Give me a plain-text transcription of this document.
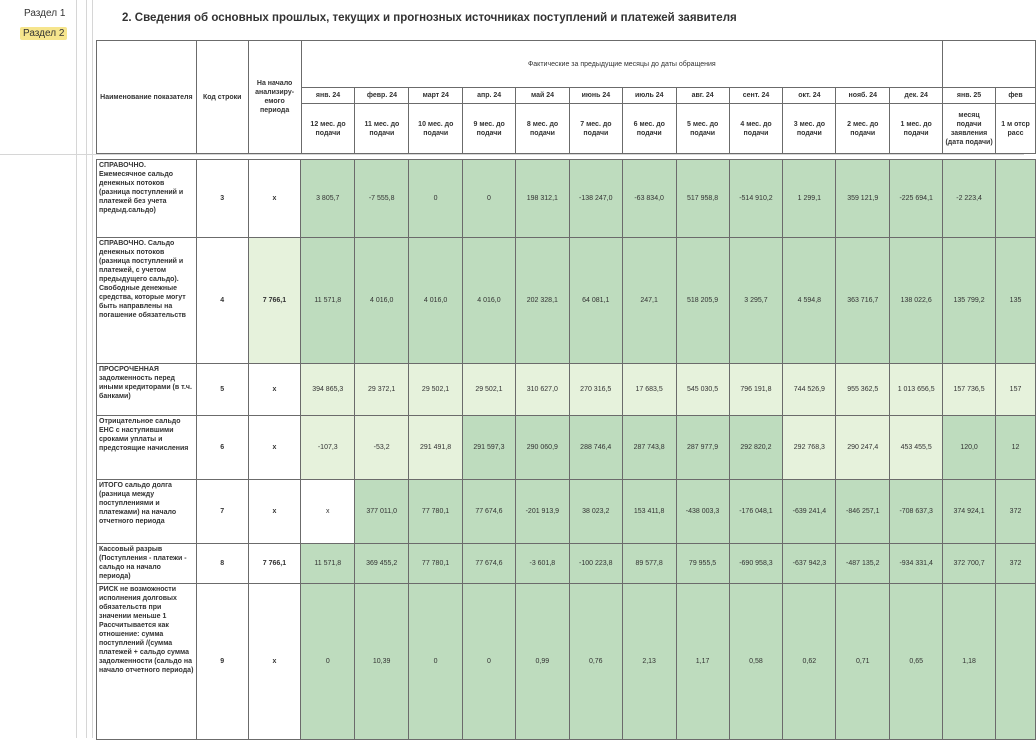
Раздел 1
Раздел 2
2. Сведения об основных прошлых, текущих и прогнозных источниках поступлений и платежей заявителя
Наименование показателя	Код строки	На начало анализиру-емого периода	Фактические за предыдущие месяцы до даты обращения													
			янв. 24	февр. 24	март 24	апр. 24	май 24	июнь 24	июль 24	авг. 24	сент. 24	окт. 24	нояб. 24	дек. 24	янв. 25	фев
			12 мес. до подачи	11 мес. до подачи	10 мес. до подачи	9 мес. до подачи	8 мес. до подачи	7 мес. до подачи	6 мес. до подачи	5 мес. до подачи	4 мес. до подачи	3 мес. до подачи	2 мес. до подачи	1 мес. до подачи	месяц подачи заявления (дата подачи)	1 м отср расс
СПРАВОЧНО. Ежемесячное сальдо денежных потоков (разница поступлений и платежей без учета предыд.сальдо)	3	x	3 805,7	-7 555,8	0	0	198 312,1	-138 247,0	-63 834,0	517 958,8	-514 910,2	1 299,1	359 121,9	-225 694,1	-2 223,4	
СПРАВОЧНО. Сальдо денежных потоков (разница поступлений и платежей, с учетом предыдущего сальдо). Свободные денежные средства, которые могут быть направлены на погашение обязательств	4	7 766,1	11 571,8	4 016,0	4 016,0	4 016,0	202 328,1	64 081,1	247,1	518 205,9	3 295,7	4 594,8	363 716,7	138 022,6	135 799,2	135
ПРОСРОЧЕННАЯ задолженность перед иными кредиторами (в т.ч. банками)	5	x	394 865,3	29 372,1	29 502,1	29 502,1	310 627,0	270 316,5	17 683,5	545 030,5	796 191,8	744 526,9	955 362,5	1 013 656,5	157 736,5	157
Отрицательное сальдо ЕНС с наступившими сроками уплаты и предстоящие начисления	6	x	-107,3	-53,2	291 491,8	291 597,3	290 060,9	288 746,4	287 743,8	287 977,9	292 820,2	292 768,3	290 247,4	453 455,5	120,0	12
ИТОГО сальдо долга (разница между поступлениями и платежами) на начало отчетного периода	7	x	x	377 011,0	77 780,1	77 674,6	-201 913,9	38 023,2	153 411,8	-438 003,3	-176 048,1	-639 241,4	-846 257,1	-708 637,3	374 924,1	372
Кассовый разрыв (Поступления - платежи - сальдо на начало периода)	8	7 766,1	11 571,8	369 455,2	77 780,1	77 674,6	-3 601,8	-100 223,8	89 577,8	79 955,5	-690 958,3	-637 942,3	-487 135,2	-934 331,4	372 700,7	372
РИСК не возможности исполнения долговых обязательств при значении меньше 1 Рассчитывается как отношение: сумма поступлений /(сумма платежей + сальдо сумма задолженности (сальдо на начало отчетного периода)	9	x	0	10,39	0	0	0,99	0,76	2,13	1,17	0,58	0,62	0,71	0,65	1,18	
